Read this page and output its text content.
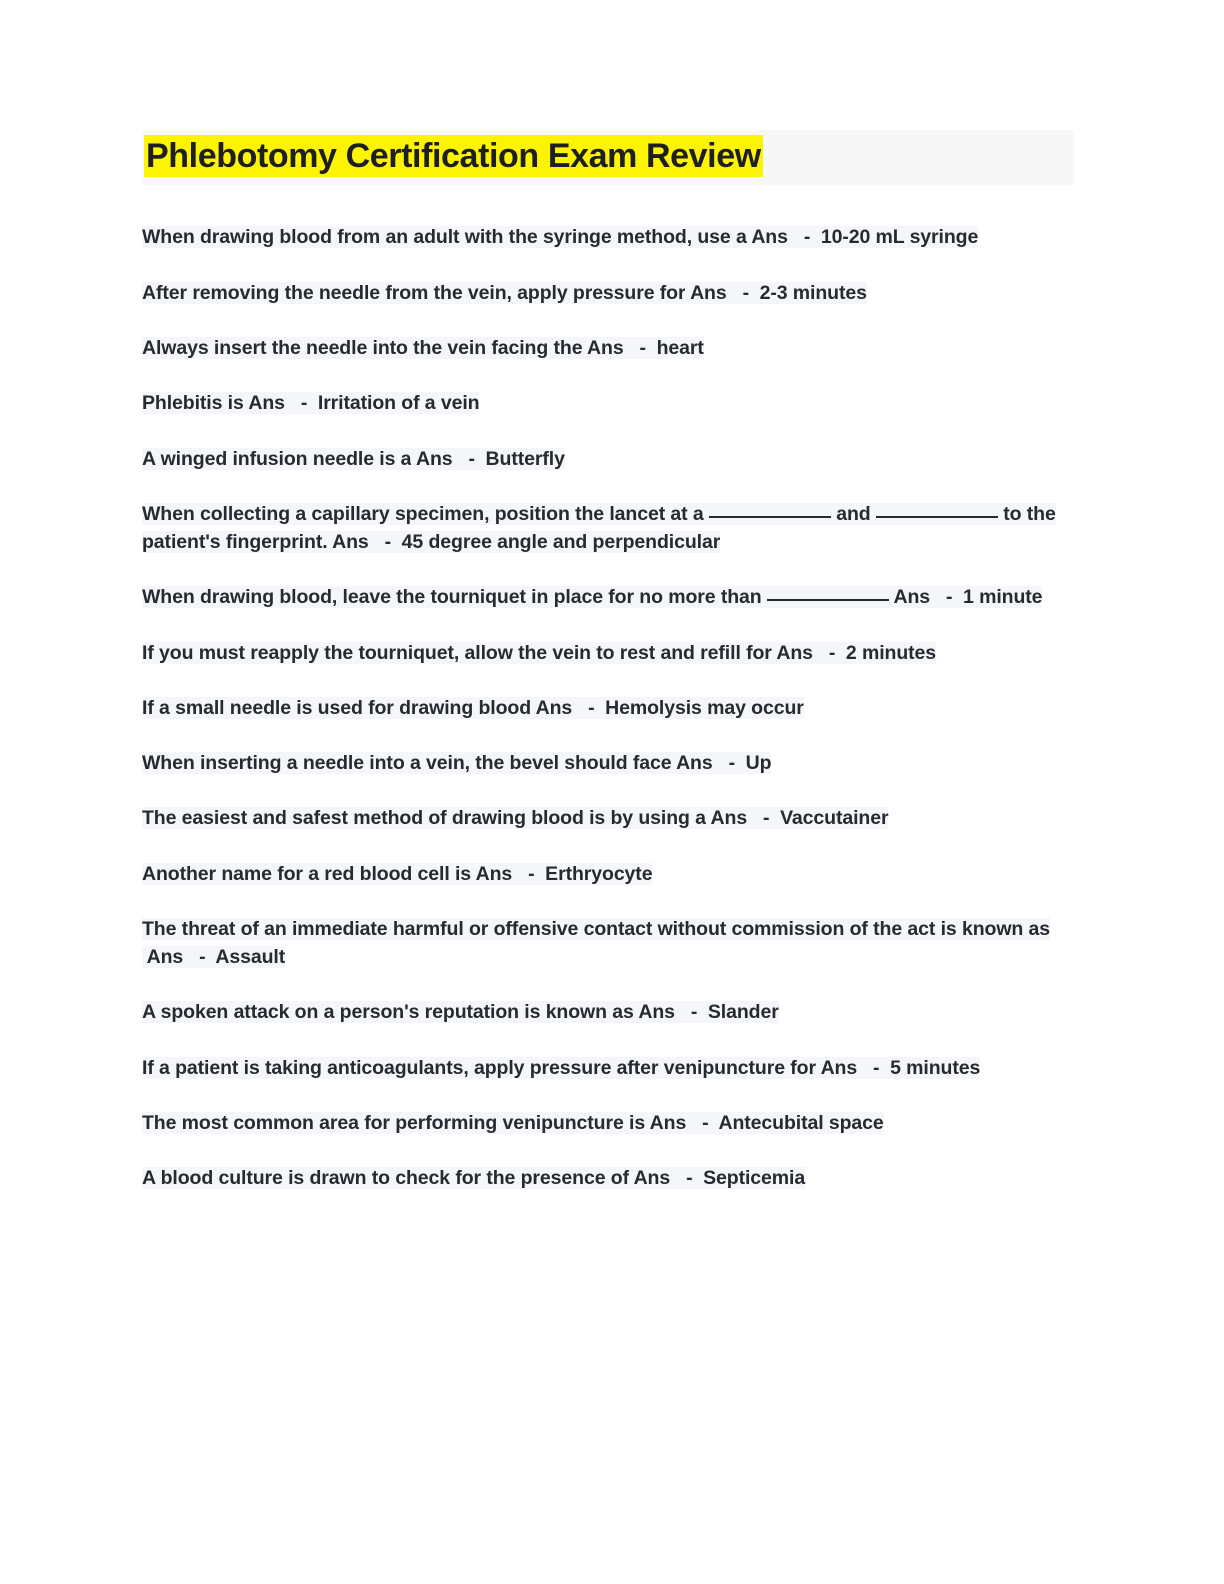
Phlebotomy Certification Exam Review
When drawing blood from an adult with the syringe method, use a Ans   -  10-20 mL syringe
After removing the needle from the vein, apply pressure for Ans   -  2-3 minutes
Always insert the needle into the vein facing the Ans   -  heart
Phlebitis is Ans   -  Irritation of a vein
A winged infusion needle is a Ans   -  Butterfly
When collecting a capillary specimen, position the lancet at a	and	to the patient's fingerprint. Ans   -  45 degree angle and perpendicular
When drawing blood, leave the tourniquet in place for no more than	Ans   -  1 minute
If you must reapply the tourniquet, allow the vein to rest and refill for Ans   -  2 minutes
If a small needle is used for drawing blood Ans   -  Hemolysis may occur
When inserting a needle into a vein, the bevel should face Ans   -  Up
The easiest and safest method of drawing blood is by using a Ans   -  Vaccutainer
Another name for a red blood cell is Ans   -  Erthryocyte
The threat of an immediate harmful or offensive contact without commission of the act is known as Ans   -  Assault
A spoken attack on a person's reputation is known as Ans   -  Slander
If a patient is taking anticoagulants, apply pressure after venipuncture for Ans   -  5 minutes
The most common area for performing venipuncture is Ans   -  Antecubital space
A blood culture is drawn to check for the presence of Ans   -  Septicemia
